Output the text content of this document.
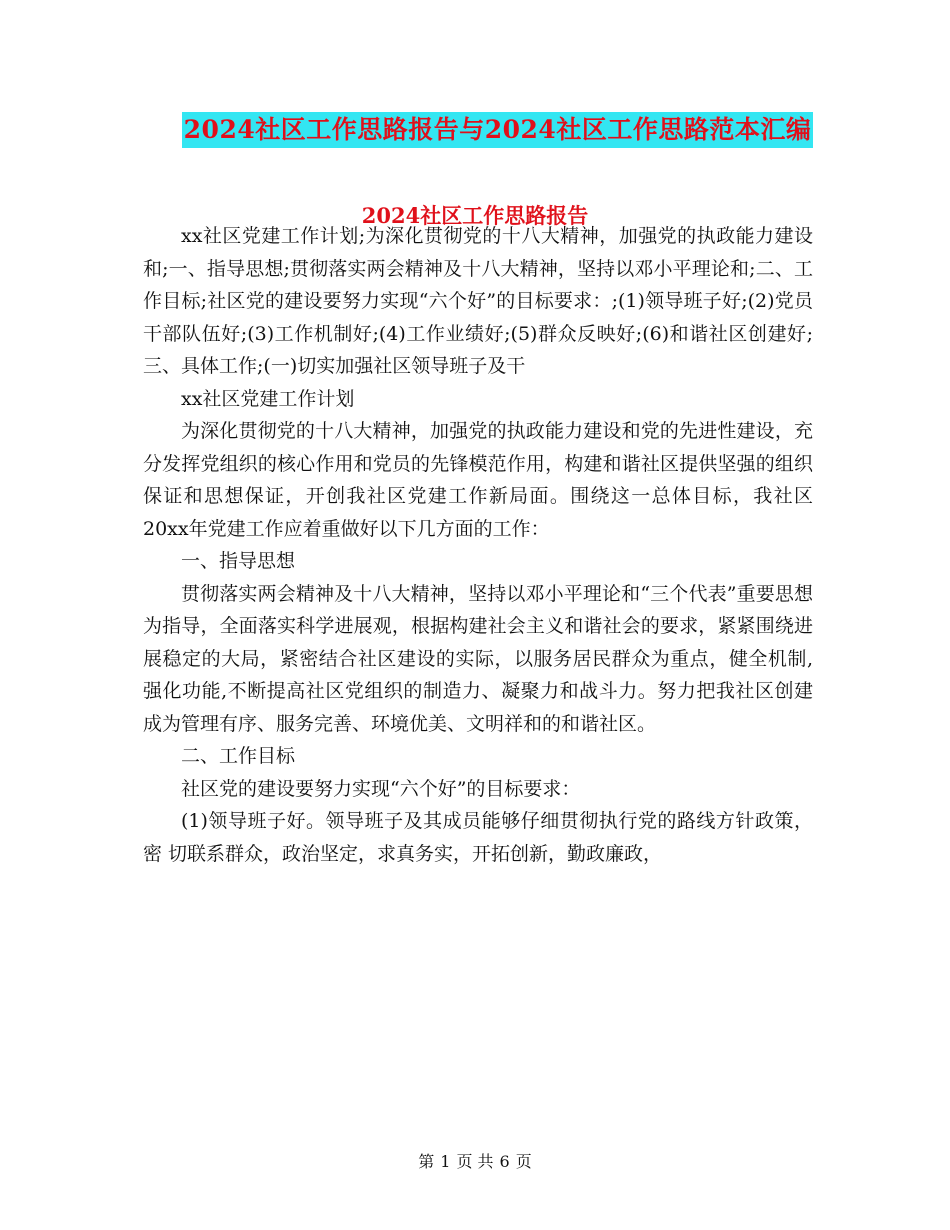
2024社区工作思路报告与2024社区工作思路范本汇编
2024社区工作思路报告

xx社区党建工作计划;为深化贯彻党的十八大精神，加强党的执政能力建设和;一、指导思想;贯彻落实两会精神及十八大精神，坚持以邓小平理论和;二、工作目标;社区党的建设要努力实现“六个好”的目标要求：;(1)领导班子好;(2)党员干部队伍好;(3)工作机制好;(4)工作业绩好;(5)群众反映好;(6)和谐社区创建好;三、具体工作;(一)切实加强社区领导班子及干

xx社区党建工作计划

为深化贯彻党的十八大精神，加强党的执政能力建设和党的先进性建设，充分发挥党组织的核心作用和党员的先锋模范作用，构建和谐社区提供坚强的组织保证和思想保证，开创我社区党建工作新局面。围绕这一总体目标，我社区20xx年党建工作应着重做好以下几方面的工作：

一、指导思想

贯彻落实两会精神及十八大精神，坚持以邓小平理论和“三个代表”重要思想为指导，全面落实科学进展观，根据构建社会主义和谐社会的要求，紧紧围绕进展稳定的大局，紧密结合社区建设的实际，以服务居民群众为重点，健全机制,强化功能,不断提高社区党组织的制造力、凝聚力和战斗力。努力把我社区创建成为管理有序、服务完善、环境优美、文明祥和的和谐社区。

二、工作目标

社区党的建设要努力实现“六个好”的目标要求：

(1)领导班子好。领导班子及其成员能够仔细贯彻执行党的路线方针政策，密 切联系群众，政治坚定，求真务实，开拓创新，勤政廉政，

第 1 页 共 6 页
